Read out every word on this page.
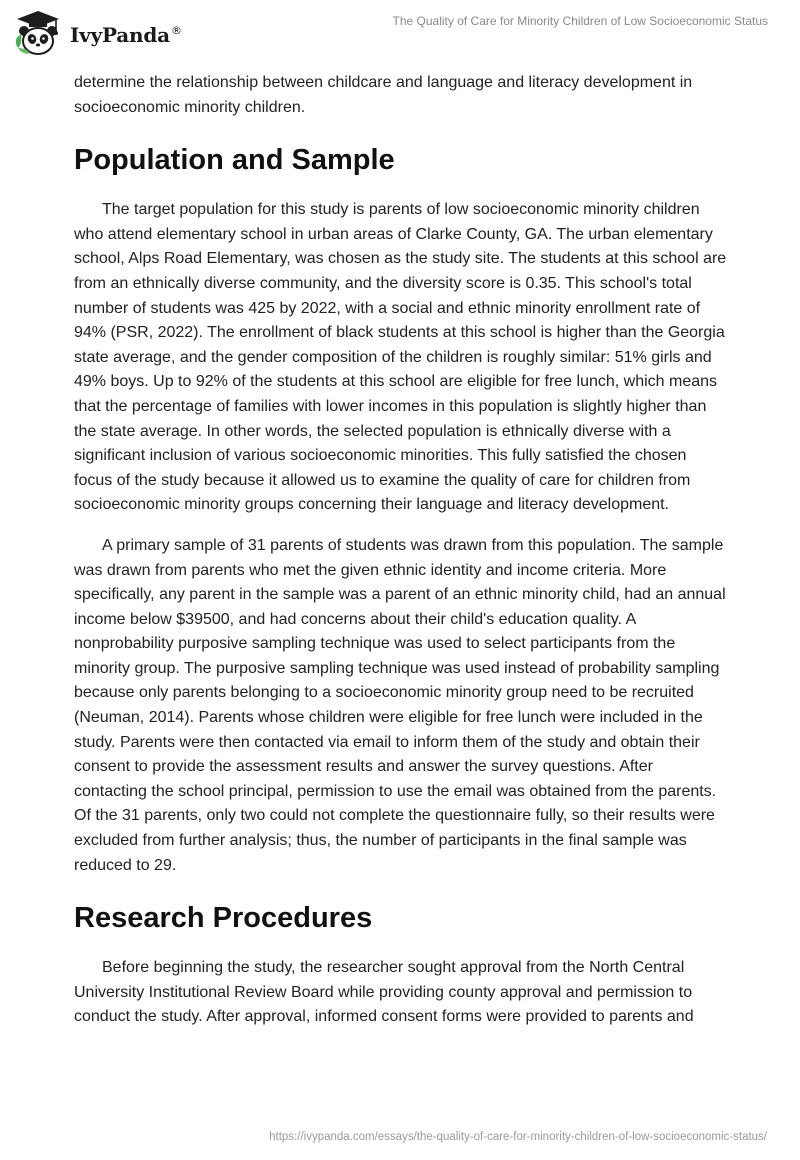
IvyPanda®
The Quality of Care for Minority Children of Low Socioeconomic Status

determine the relationship between childcare and language and literacy development in socioeconomic minority children.

Population and Sample

The target population for this study is parents of low socioeconomic minority children who attend elementary school in urban areas of Clarke County, GA. The urban elementary school, Alps Road Elementary, was chosen as the study site. The students at this school are from an ethnically diverse community, and the diversity score is 0.35. This school's total number of students was 425 by 2022, with a social and ethnic minority enrollment rate of 94% (PSR, 2022). The enrollment of black students at this school is higher than the Georgia state average, and the gender composition of the children is roughly similar: 51% girls and 49% boys. Up to 92% of the students at this school are eligible for free lunch, which means that the percentage of families with lower incomes in this population is slightly higher than the state average. In other words, the selected population is ethnically diverse with a significant inclusion of various socioeconomic minorities. This fully satisfied the chosen focus of the study because it allowed us to examine the quality of care for children from socioeconomic minority groups concerning their language and literacy development.

A primary sample of 31 parents of students was drawn from this population. The sample was drawn from parents who met the given ethnic identity and income criteria. More specifically, any parent in the sample was a parent of an ethnic minority child, had an annual income below $39500, and had concerns about their child's education quality. A nonprobability purposive sampling technique was used to select participants from the minority group. The purposive sampling technique was used instead of probability sampling because only parents belonging to a socioeconomic minority group need to be recruited (Neuman, 2014). Parents whose children were eligible for free lunch were included in the study. Parents were then contacted via email to inform them of the study and obtain their consent to provide the assessment results and answer the survey questions. After contacting the school principal, permission to use the email was obtained from the parents. Of the 31 parents, only two could not complete the questionnaire fully, so their results were excluded from further analysis; thus, the number of participants in the final sample was reduced to 29.

Research Procedures

Before beginning the study, the researcher sought approval from the North Central University Institutional Review Board while providing county approval and permission to conduct the study. After approval, informed consent forms were provided to parents and

https://ivypanda.com/essays/the-quality-of-care-for-minority-children-of-low-socioeconomic-status/
